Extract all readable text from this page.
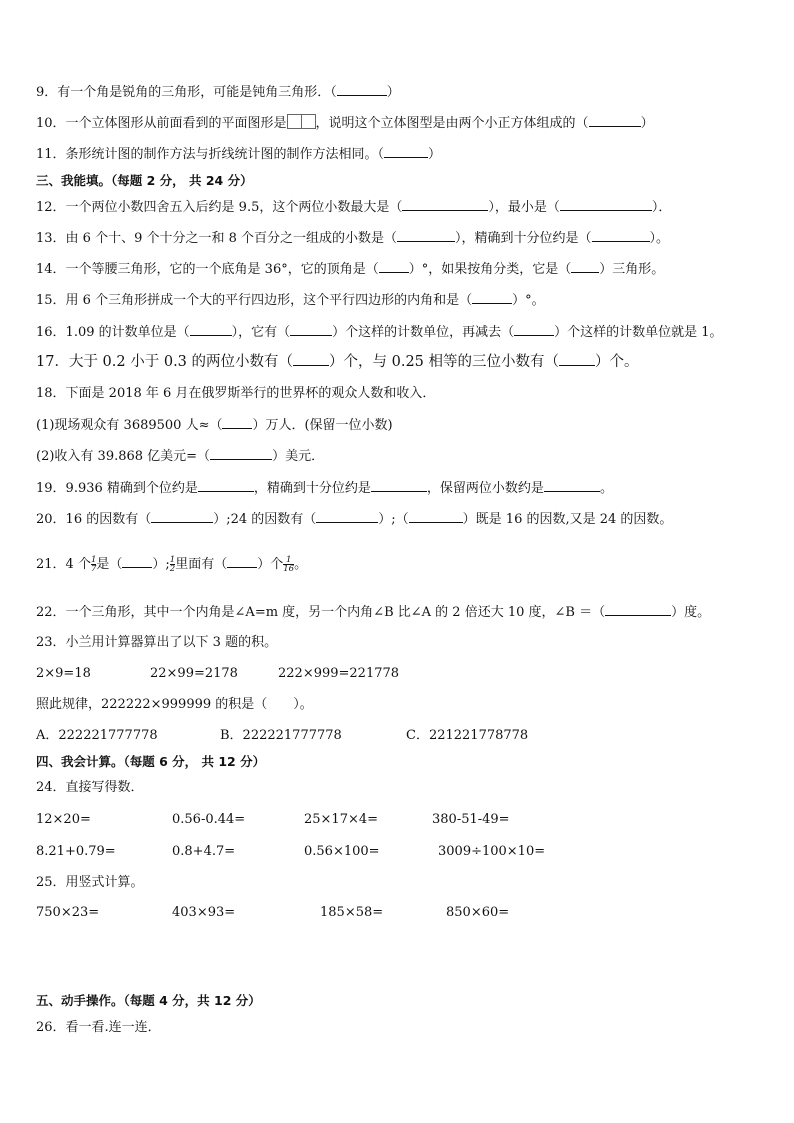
9．有一个角是锐角的三角形，可能是钝角三角形．（	）
10．一个立体图形从前面看到的平面图形是 ，说明这个立体图型是由两个小正方体组成的（	）
11．条形统计图的制作方法与折线统计图的制作方法相同。（	）
三、我能填。（每题 2 分， 共 24 分）
12．一个两位小数四舍五入后约是 9.5，这个两位小数最大是（	），最小是（	）．
13．由 6 个十、9 个十分之一和 8 个百分之一组成的小数是（	），精确到十分位约是（	）。
14．一个等腰三角形，它的一个底角是 36°，它的顶角是（ ）°，如果按角分类，它是（ ）三角形。
15．用 6 个三角形拼成一个大的平行四边形，这个平行四边形的内角和是（	）°。
16．1.09 的计数单位是（	），它有（	）个这样的计数单位，再减去（	）个这样的计数单位就是 1。
17．大于 0.2 小于 0.3 的两位小数有（ ）个，与 0.25 相等的三位小数有（ ）个。
18．下面是 2018 年 6 月在俄罗斯举行的世界杯的观众人数和收入．
(1)现场观众有 3689500 人≈（ ）万人．(保留一位小数)
(2)收入有 39.868 亿美元=（	）美元．
19．9.936 精确到个位约是	，精确到十分位约是	，保留两位小数约是	。
20．16 的因数有（	）;24 的因数有（	）;（	）既是 16 的因数,又是 24 的因数。
21．4 个 $\frac{1}{7}$ 是（ ）; $\frac{1}{2}$ 里面有（ ）个 $\frac{1}{16}$ 。
22．一个三角形，其中一个内角是∠A=m 度，另一个内角∠B 比∠A 的 2 倍还大 10 度，∠B ＝（	）度。
23．小兰用计算器算出了以下 3 题的积。
2×9=18	22×99=2178	222×999=221778
照此规律，222222×999999 的积是（　　）。
A．222221777778	B．222221777778	C．221221778778
四、我会计算。（每题 6 分， 共 12 分）
24．直接写得数．
12×20=	0.56-0.44=	25×17×4=	380-51-49=
8.21+0.79=	0.8+4.7=	0.56×100=	3009÷100×10=
25．用竖式计算。
750×23=	403×93=	185×58=	850×60=
五、动手操作。（每题 4 分，共 12 分）
26．看一看.连一连．
